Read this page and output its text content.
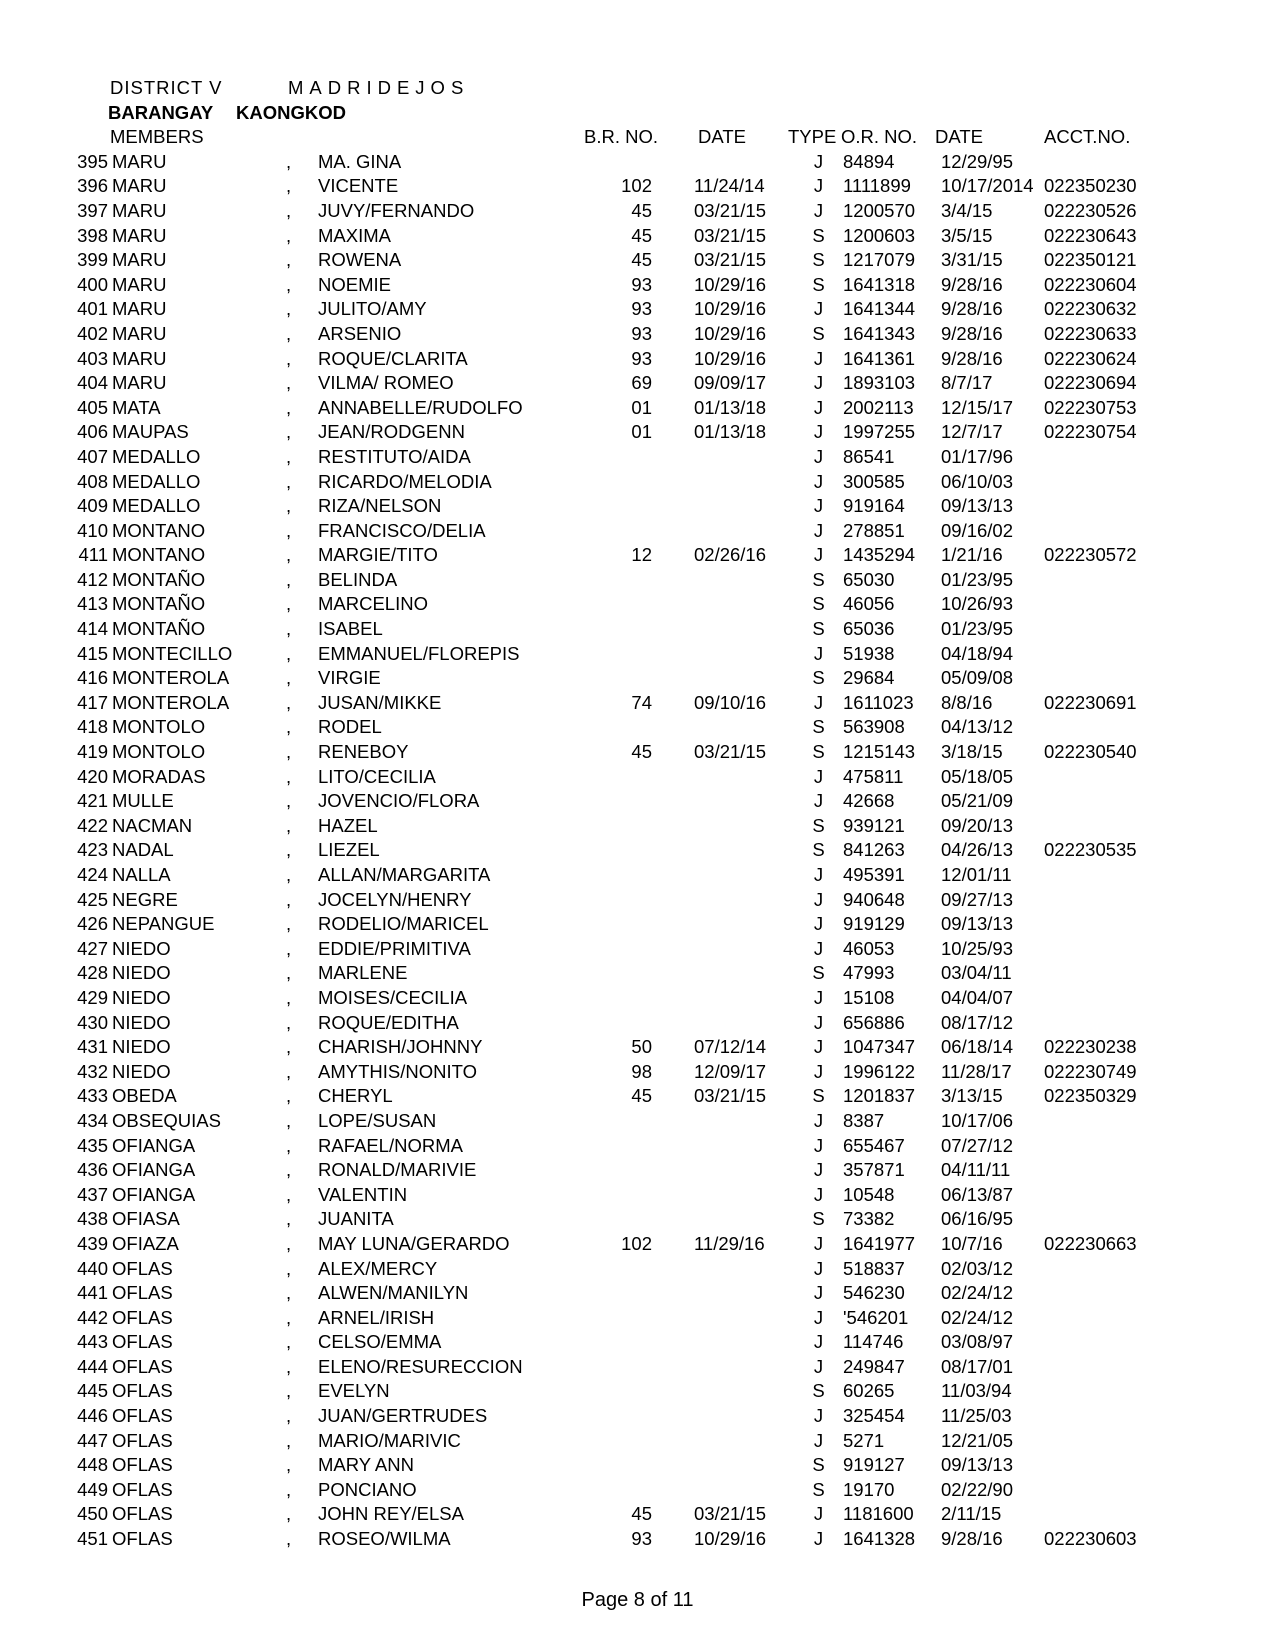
DISTRICT V	MADRIDEJOS
BARANGAY KAONGKOD
MEMBERS	B.R. NO. DATE TYPE O.R. NO. DATE	ACCT.NO.
395 MARU	,	MA. GINA	J	84894	12/29/95
396 MARU	,	VICENTE	102	11/24/14	J	1111899	10/17/2014 022350230
397 MARU	,	JUVY/FERNANDO	45	03/21/15	J	1200570	3/4/15	022230526
398 MARU	,	MAXIMA	45	03/21/15	S 1200603	3/5/15	022230643
399 MARU	,	ROWENA	45	03/21/15	S 1217079	3/31/15	022350121
400 MARU	,	NOEMIE	93	10/29/16	S 1641318	9/28/16	022230604
401 MARU	,	JULITO/AMY	93	10/29/16	J	1641344	9/28/16	022230632
402 MARU	,	ARSENIO	93	10/29/16	S 1641343	9/28/16	022230633
403 MARU	,	ROQUE/CLARITA	93	10/29/16	J	1641361	9/28/16	022230624
404 MARU	,	VILMA/ ROMEO	69	09/09/17	J	1893103	8/7/17	022230694
405 MATA	,	ANNABELLE/RUDOLFO	01	01/13/18	J	2002113	12/15/17	022230753
406 MAUPAS	,	JEAN/RODGENN	01	01/13/18	J	1997255	12/7/17	022230754
407 MEDALLO	,	RESTITUTO/AIDA	J	86541	01/17/96
408 MEDALLO	,	RICARDO/MELODIA	J	300585	06/10/03
409 MEDALLO	,	RIZA/NELSON	J	919164	09/13/13
410 MONTANO	,	FRANCISCO/DELIA	J	278851	09/16/02
411 MONTANO	,	MARGIE/TITO	12	02/26/16	J	1435294	1/21/16	022230572
412 MONTAÑO	,	BELINDA	S 65030	01/23/95
413 MONTAÑO	,	MARCELINO	S 46056	10/26/93
414 MONTAÑO	,	ISABEL	S 65036	01/23/95
415 MONTECILLO	,	EMMANUEL/FLOREPIS	J	51938	04/18/94
416 MONTEROLA	,	VIRGIE	S 29684	05/09/08
417 MONTEROLA	,	JUSAN/MIKKE	74	09/10/16	J	1611023	8/8/16	022230691
418 MONTOLO	,	RODEL	S 563908	04/13/12
419 MONTOLO	,	RENEBOY	45	03/21/15	S 1215143	3/18/15	022230540
420 MORADAS	,	LITO/CECILIA	J	475811	05/18/05
421 MULLE	,	JOVENCIO/FLORA	J	42668	05/21/09
422 NACMAN	,	HAZEL	S 939121	09/20/13
423 NADAL	,	LIEZEL	S 841263	04/26/13	022230535
424 NALLA	,	ALLAN/MARGARITA	J	495391	12/01/11
425 NEGRE	,	JOCELYN/HENRY	J	940648	09/27/13
426 NEPANGUE	,	RODELIO/MARICEL	J	919129	09/13/13
427 NIEDO	,	EDDIE/PRIMITIVA	J	46053	10/25/93
428 NIEDO	,	MARLENE	S 47993	03/04/11
429 NIEDO	,	MOISES/CECILIA	J	15108	04/04/07
430 NIEDO	,	ROQUE/EDITHA	J	656886	08/17/12
431 NIEDO	,	CHARISH/JOHNNY	50	07/12/14	J	1047347	06/18/14	022230238
432 NIEDO	,	AMYTHIS/NONITO	98	12/09/17	J	1996122	11/28/17	022230749
433 OBEDA	,	CHERYL	45	03/21/15	S 1201837	3/13/15	022350329
434 OBSEQUIAS	,	LOPE/SUSAN	J	8387	10/17/06
435 OFIANGA	,	RAFAEL/NORMA	J	655467	07/27/12
436 OFIANGA	,	RONALD/MARIVIE	J	357871	04/11/11
437 OFIANGA	,	VALENTIN	J	10548	06/13/87
438 OFIASA	,	JUANITA	S 73382	06/16/95
439 OFIAZA	,	MAY LUNA/GERARDO	102	11/29/16	J	1641977	10/7/16	022230663
440 OFLAS	,	ALEX/MERCY	J	518837	02/03/12
441 OFLAS	,	ALWEN/MANILYN	J	546230	02/24/12
442 OFLAS	,	ARNEL/IRISH	J	'546201	02/24/12
443 OFLAS	,	CELSO/EMMA	J	114746	03/08/97
444 OFLAS	,	ELENO/RESURECCION	J	249847	08/17/01
445 OFLAS	,	EVELYN	S 60265	11/03/94
446 OFLAS	,	JUAN/GERTRUDES	J	325454	11/25/03
447 OFLAS	,	MARIO/MARIVIC	J	5271	12/21/05
448 OFLAS	,	MARY ANN	S 919127	09/13/13
449 OFLAS	,	PONCIANO	S 19170	02/22/90
450 OFLAS	,	JOHN REY/ELSA	45	03/21/15	J	1181600	2/11/15
451 OFLAS	,	ROSEO/WILMA	93	10/29/16	J	1641328	9/28/16	022230603
Page 8 of 11
